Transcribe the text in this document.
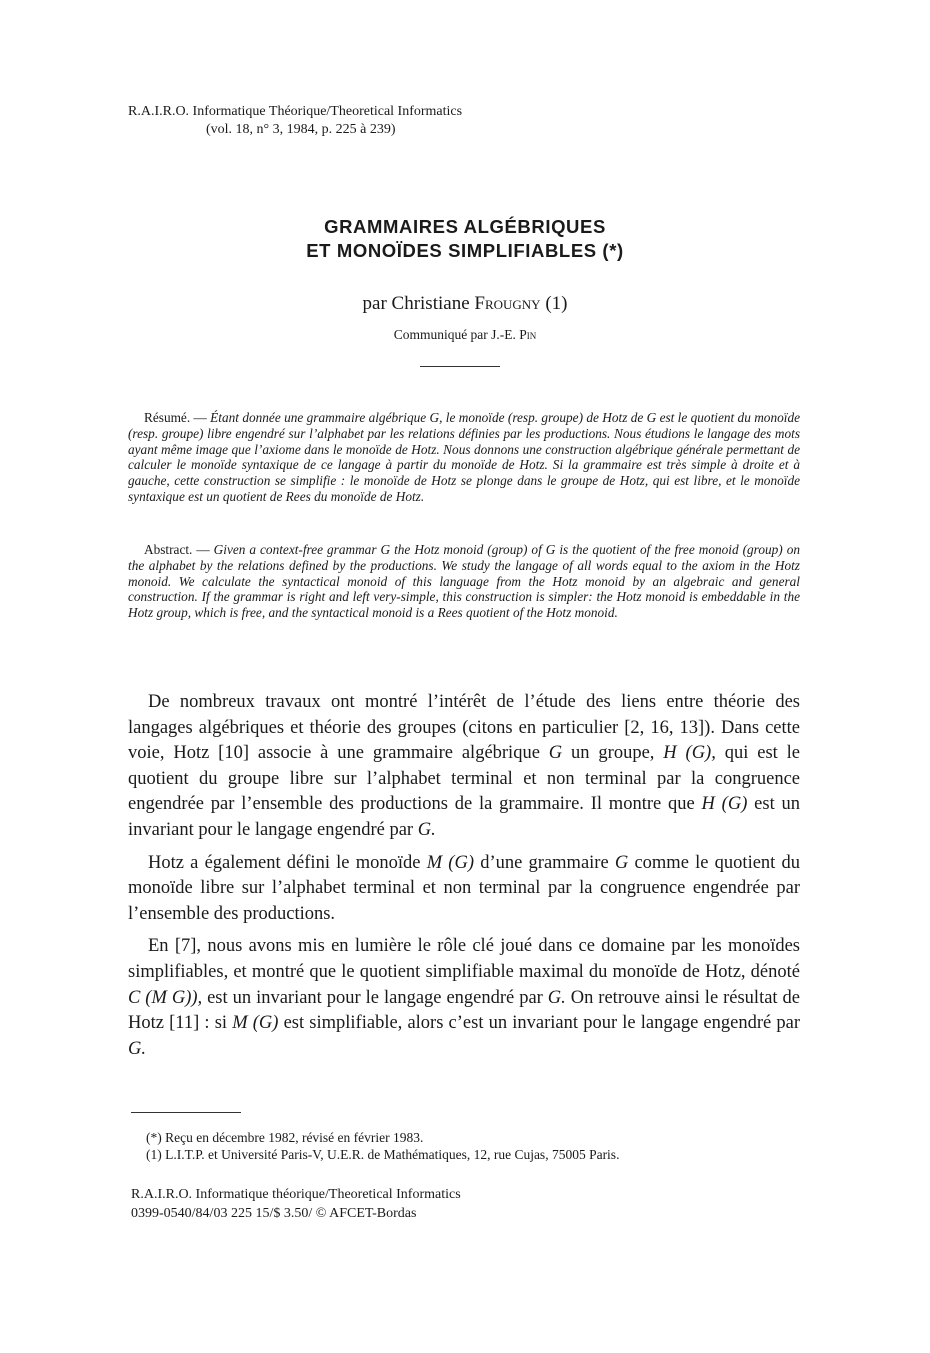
R.A.I.R.O. Informatique Théorique/Theoretical Informatics
(vol. 18, n° 3, 1984, p. 225 à 239)
GRAMMAIRES ALGÉBRIQUES
ET MONOÏDES SIMPLIFIABLES (*)
par Christiane Frougny (1)
Communiqué par J.-E. Pin
Résumé. — Étant donnée une grammaire algébrique G, le monoïde (resp. groupe) de Hotz de G est le quotient du monoïde (resp. groupe) libre engendré sur l’alphabet par les relations définies par les productions. Nous étudions le langage des mots ayant même image que l’axiome dans le monoïde de Hotz. Nous donnons une construction algébrique générale permettant de calculer le monoïde syntaxique de ce langage à partir du monoïde de Hotz. Si la grammaire est très simple à droite et à gauche, cette construction se simplifie : le monoïde de Hotz se plonge dans le groupe de Hotz, qui est libre, et le monoïde syntaxique est un quotient de Rees du monoïde de Hotz.
Abstract. — Given a context-free grammar G the Hotz monoid (group) of G is the quotient of the free monoid (group) on the alphabet by the relations defined by the productions. We study the langage of all words equal to the axiom in the Hotz monoid. We calculate the syntactical monoid of this language from the Hotz monoid by an algebraic and general construction. If the grammar is right and left very-simple, this construction is simpler: the Hotz monoid is embeddable in the Hotz group, which is free, and the syntactical monoid is a Rees quotient of the Hotz monoid.

De nombreux travaux ont montré l’intérêt de l’étude des liens entre théorie des langages algébriques et théorie des groupes (citons en particulier [2, 16, 13]). Dans cette voie, Hotz [10] associe à une grammaire algébrique G un groupe, H (G), qui est le quotient du groupe libre sur l’alphabet terminal et non terminal par la congruence engendrée par l’ensemble des productions de la grammaire. Il montre que H (G) est un invariant pour le langage engendré par G.

Hotz a également défini le monoïde M (G) d’une grammaire G comme le quotient du monoïde libre sur l’alphabet terminal et non terminal par la congruence engendrée par l’ensemble des productions.

En [7], nous avons mis en lumière le rôle clé joué dans ce domaine par les monoïdes simplifiables, et montré que le quotient simplifiable maximal du monoïde de Hotz, dénoté C (M G)), est un invariant pour le langage engendré par G. On retrouve ainsi le résultat de Hotz [11] : si M (G) est simplifiable, alors c’est un invariant pour le langage engendré par G.

(*) Reçu en décembre 1982, révisé en février 1983.
(1) L.I.T.P. et Université Paris-V, U.E.R. de Mathématiques, 12, rue Cujas, 75005 Paris.
R.A.I.R.O. Informatique théorique/Theoretical Informatics
0399-0540/84/03 225 15/$ 3.50/ © AFCET-Bordas
